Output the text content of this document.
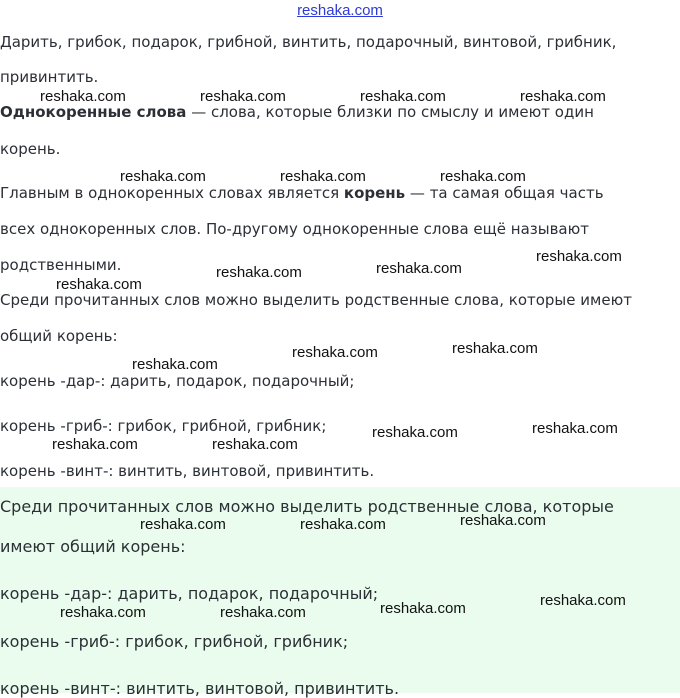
reshaka.com
Дарить, грибок, подарок, грибной, винтить, подарочный, винтовой, грибник,
привинтить.
Однокоренные слова — слова, которые близки по смыслу и имеют один
корень.
Главным в однокоренных словах является корень — та самая общая часть
всех однокоренных слов. По-другому однокоренные слова ещё называют
родственными.
Среди прочитанных слов можно выделить родственные слова, которые имеют
общий корень:
корень -дар-: дарить, подарок, подарочный;
корень -гриб-: грибок, грибной, грибник;
корень -винт-: винтить, винтовой, привинтить.
Среди прочитанных слов можно выделить родственные слова, которые
имеют общий корень:
корень -дар-: дарить, подарок, подарочный;
корень -гриб-: грибок, грибной, грибник;
корень -винт-: винтить, винтовой, привинтить.
reshaka.com	reshaka.com	reshaka.com	reshaka.com
reshaka.com	reshaka.com	reshaka.com
reshaka.com	reshaka.com
reshaka.com
reshaka.com
reshaka.com
reshaka.com	reshaka.com
reshaka.com	reshaka.com
reshaka.com	reshaka.com
reshaka.com	reshaka.com	reshaka.com
reshaka.com	reshaka.com	reshaka.com	reshaka.com
